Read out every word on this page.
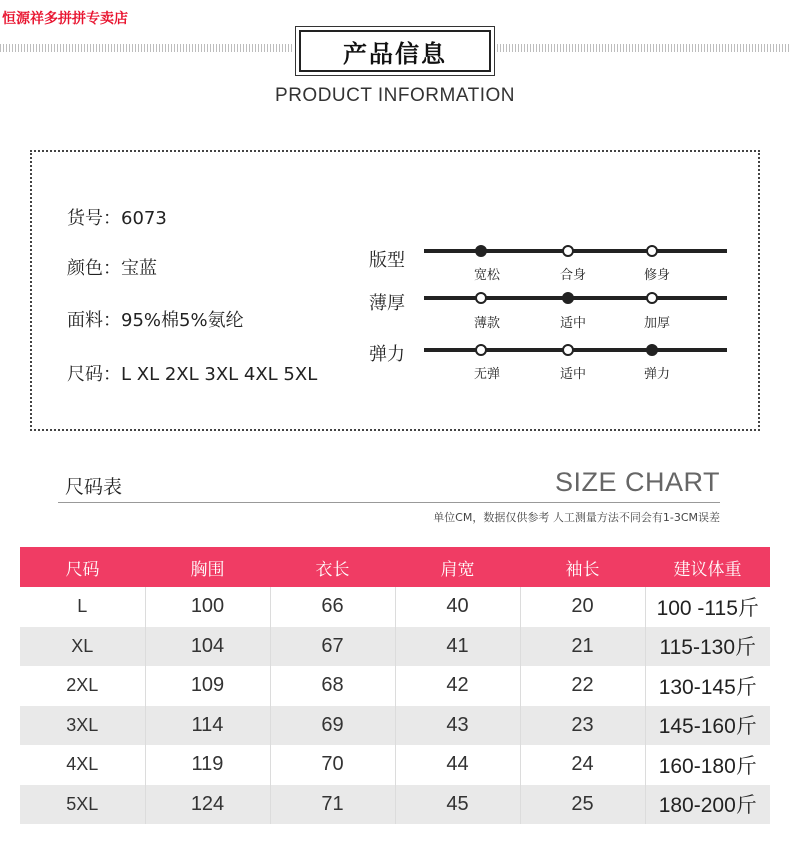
恒源祥多拼拼专卖店
产品信息
PRODUCT INFORMATION
货号：6073
颜色：宝蓝
面料：95%棉5%氨纶
尺码：L XL 2XL 3XL 4XL 5XL
版型
宽松	合身	修身
薄厚
薄款	适中	加厚
弹力
无弹	适中	弹力
尺码表	SIZE CHART
单位CM，数据仅供参考 人工测量方法不同会有1-3CM误差
尺码	胸围	衣长	肩宽	袖长	建议体重
L	100	66	40	20	100 -115斤
XL	104	67	41	21	115-130斤
2XL	109	68	42	22	130-145斤
3XL	114	69	43	23	145-160斤
4XL	119	70	44	24	160-180斤
5XL	124	71	45	25	180-200斤
